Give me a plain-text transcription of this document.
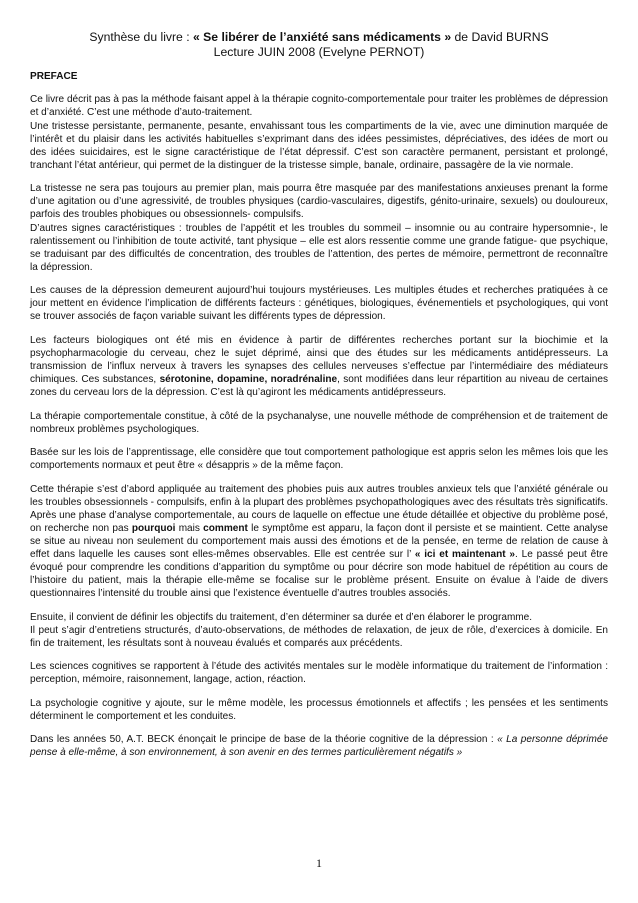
Synthèse du livre : « Se libérer de l’anxiété sans médicaments » de David BURNS
Lecture JUIN 2008 (Evelyne PERNOT)

PREFACE

Ce livre décrit pas à pas la méthode faisant appel à la thérapie cognito-comportementale pour traiter les problèmes de dépression et d’anxiété. C’est une méthode d’auto-traitement.

Une tristesse persistante, permanente, pesante, envahissant tous les compartiments de la vie, avec une diminution marquée de l’intérêt et du plaisir dans les activités habituelles s’exprimant dans des idées pessimistes, dépréciatives, des idées de mort ou des idées suicidaires, est le signe caractéristique de l’état dépressif. C’est son caractère permanent, persistant et prolongé, tranchant l’état antérieur, qui permet de la distinguer de la tristesse simple, banale, ordinaire, passagère de la vie normale.

La tristesse ne sera pas toujours au premier plan, mais pourra être masquée par des manifestations anxieuses prenant la forme d’une agitation ou d’une agressivité, de troubles physiques (cardio-vasculaires, digestifs, génito-urinaire, sexuels) ou douloureux, parfois des troubles phobiques ou obsessionnels- compulsifs.

D’autres signes caractéristiques : troubles de l’appétit et les troubles du sommeil – insomnie ou au contraire hypersomnie-, le ralentissement ou l’inhibition de toute activité, tant physique – elle est alors ressentie comme une grande fatigue- que psychique, se traduisant par des difficultés de concentration, des troubles de l’attention, des pertes de mémoire, permettront de reconnaître la dépression.

Les causes de la dépression demeurent aujourd’hui toujours mystérieuses. Les multiples études et recherches pratiquées à ce jour mettent en évidence l’implication de différents facteurs : génétiques, biologiques, événementiels et psychologiques, qui vont se trouver associés de façon variable suivant les différents types de dépression.

Les facteurs biologiques ont été mis en évidence à partir de différentes recherches portant sur la biochimie et la psychopharmacologie du cerveau, chez le sujet déprimé, ainsi que des études sur les médicaments antidépresseurs. La transmission de l’influx nerveux à travers les synapses des cellules nerveuses s’effectue par l’intermédiaire des médiateurs chimiques. Ces substances, sérotonine, dopamine, noradrénaline, sont modifiées dans leur répartition au niveau de certaines zones du cerveau lors de la dépression. C’est là qu’agiront les médicaments antidépresseurs.

La thérapie comportementale constitue, à côté de la psychanalyse, une nouvelle méthode de compréhension et de traitement de nombreux problèmes psychologiques.

Basée sur les lois de l’apprentissage, elle considère que tout comportement pathologique est appris selon les mêmes lois que les comportements normaux et peut être « désappris » de la même façon.

Cette thérapie s’est d’abord appliquée au traitement des phobies puis aux autres troubles anxieux tels que l’anxiété générale ou les troubles obsessionnels - compulsifs, enfin à la plupart des problèmes psychopathologiques avec des résultats très significatifs.

Après une phase d’analyse comportementale, au cours de laquelle on effectue une étude détaillée et objective du problème posé, on recherche non pas pourquoi mais comment le symptôme est apparu, la façon dont il persiste et se maintient. Cette analyse se situe au niveau non seulement du comportement mais aussi des émotions et de la pensée, en terme de relation de cause à effet dans laquelle les causes sont elles-mêmes observables. Elle est centrée sur l’ « ici et maintenant ». Le passé peut être évoqué pour comprendre les conditions d’apparition du symptôme ou pour décrire son mode habituel de répétition au cours de l’histoire du patient, mais la thérapie elle-même se focalise sur le problème présent. Ensuite on évalue à l’aide de divers questionnaires l’intensité du trouble ainsi que l’existence éventuelle d’autres troubles associés.

Ensuite, il convient de définir les objectifs du traitement, d’en déterminer sa durée et d’en élaborer le programme.

Il peut s’agir d’entretiens structurés, d’auto-observations, de méthodes de relaxation, de jeux de rôle, d’exercices à domicile. En fin de traitement, les résultats sont à nouveau évalués et comparés aux précédents.

Les sciences cognitives se rapportent à l’étude des activités mentales sur le modèle informatique du traitement de l’information : perception, mémoire, raisonnement, langage, action, réaction.

La psychologie cognitive y ajoute, sur le même modèle, les processus émotionnels et affectifs ; les pensées et les sentiments déterminent le comportement et les conduites.

Dans les années 50, A.T. BECK énonçait le principe de base de la théorie cognitive de la dépression : « La personne déprimée pense à elle-même, à son environnement, à son avenir en des termes particulièrement négatifs »

1
